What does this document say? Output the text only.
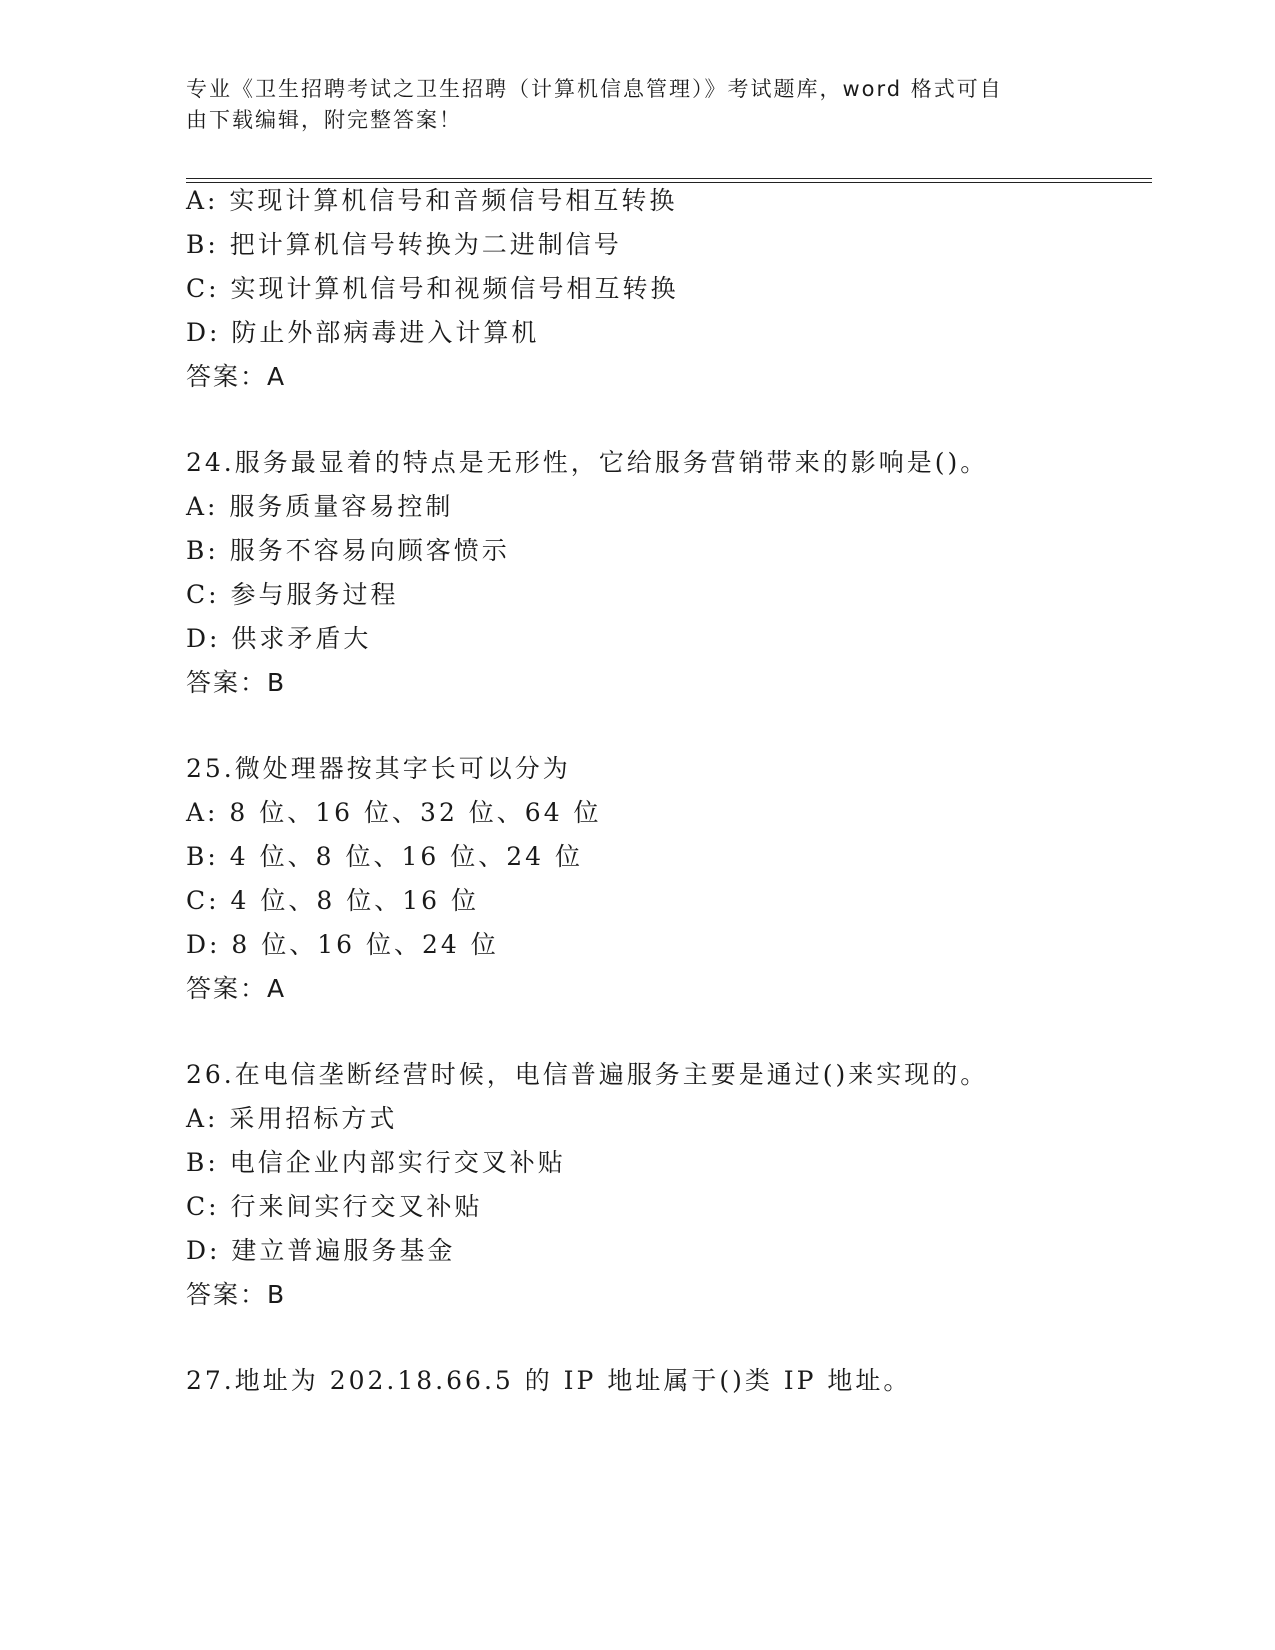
专业《卫生招聘考试之卫生招聘（计算机信息管理）》考试题库，word 格式可自

由下载编辑，附完整答案！

A: 实现计算机信号和音频信号相互转换
B: 把计算机信号转换为二进制信号
C: 实现计算机信号和视频信号相互转换
D: 防止外部病毒进入计算机
答案：A
24.服务最显着的特点是无形性，它给服务营销带来的影响是()。
A: 服务质量容易控制
B: 服务不容易向顾客愤示
C: 参与服务过程
D: 供求矛盾大
答案：B
25.微处理器按其字长可以分为
A: 8 位、16 位、32 位、64 位
B: 4 位、8 位、16 位、24 位
C: 4 位、8 位、16 位
D: 8 位、16 位、24 位
答案：A
26.在电信垄断经营时候，电信普遍服务主要是通过()来实现的。
A: 采用招标方式
B: 电信企业内部实行交叉补贴
C: 行来间实行交叉补贴
D: 建立普遍服务基金
答案：B
27.地址为 202.18.66.5 的 IP 地址属于()类 IP 地址。
